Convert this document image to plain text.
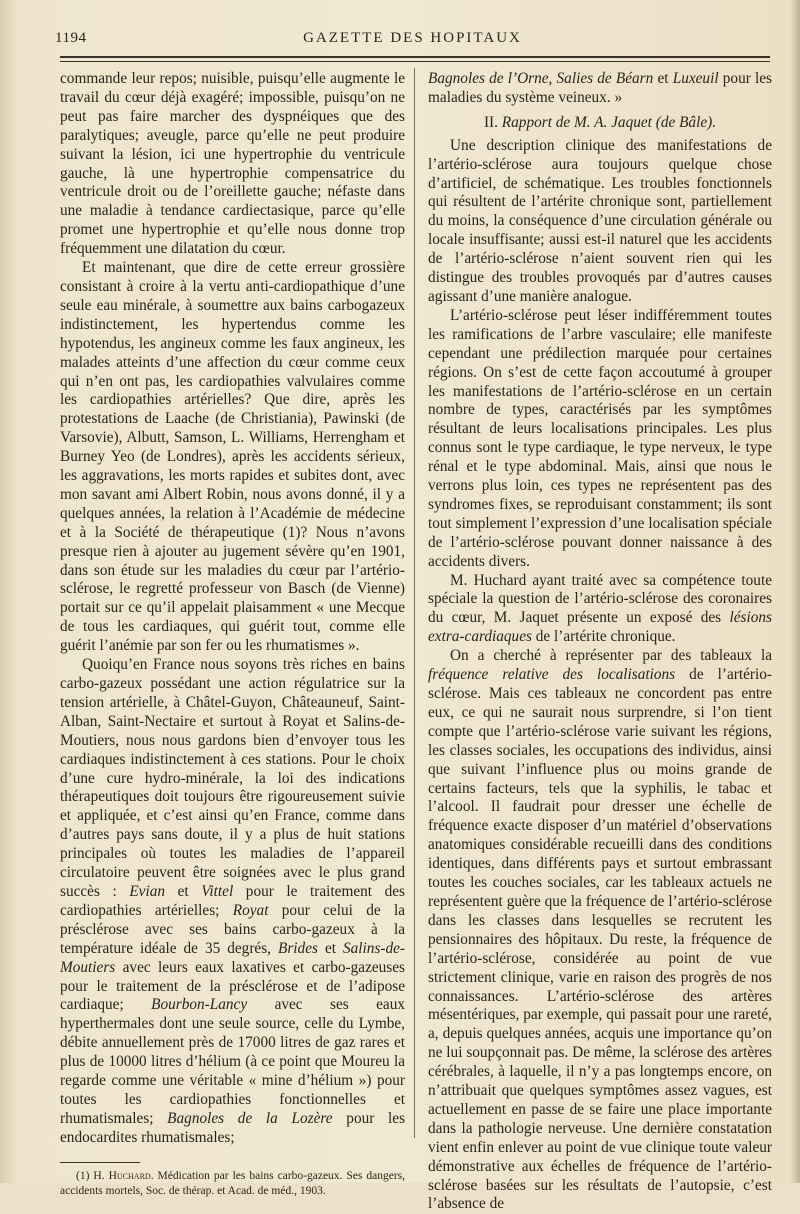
1194	GAZETTE DES HOPITAUX

commande leur repos; nuisible, puisqu’elle augmente le travail du cœur déjà exagéré; impossible, puisqu’on ne peut pas faire marcher des dyspnéiques que des paralytiques; aveugle, parce qu’elle ne peut produire suivant la lésion, ici une hypertrophie du ventricule gauche, là une hypertrophie compensatrice du ventricule droit ou de l’oreillette gauche; néfaste dans une maladie à tendance cardiectasique, parce qu’elle promet une hypertrophie et qu’elle nous donne trop fréquemment une dilatation du cœur.

Et maintenant, que dire de cette erreur grossière consistant à croire à la vertu anti-cardiopathique d’une seule eau minérale, à soumettre aux bains carbogazeux indistinctement, les hypertendus comme les hypotendus, les angineux comme les faux angineux, les malades atteints d’une affection du cœur comme ceux qui n’en ont pas, les cardiopathies valvulaires comme les cardiopathies artérielles? Que dire, après les protestations de Laache (de Christiania), Pawinski (de Varsovie), Albutt, Samson, L. Williams, Herrengham et Burney Yeo (de Londres), après les accidents sérieux, les aggravations, les morts rapides et subites dont, avec mon savant ami Albert Robin, nous avons donné, il y a quelques années, la relation à l’Académie de médecine et à la Société de thérapeutique (1)? Nous n’avons presque rien à ajouter au jugement sévère qu’en 1901, dans son étude sur les maladies du cœur par l’artério-sclérose, le regretté professeur von Basch (de Vienne) portait sur ce qu’il appelait plaisamment « une Mecque de tous les cardiaques, qui guérit tout, comme elle guérit l’anémie par son fer ou les rhumatismes ».

Quoiqu’en France nous soyons très riches en bains carbo-gazeux possédant une action régulatrice sur la tension artérielle, à Châtel-Guyon, Châteauneuf, Saint-Alban, Saint-Nectaire et surtout à Royat et Salins-de-Moutiers, nous nous gardons bien d’envoyer tous les cardiaques indistinctement à ces stations. Pour le choix d’une cure hydro-minérale, la loi des indications thérapeutiques doit toujours être rigoureusement suivie et appliquée, et c’est ainsi qu’en France, comme dans d’autres pays sans doute, il y a plus de huit stations principales où toutes les maladies de l’appareil circulatoire peuvent être soignées avec le plus grand succès : Evian et Vittel pour le traitement des cardiopathies artérielles; Royat pour celui de la présclérose avec ses bains carbo-gazeux à la température idéale de 35 degrés, Brides et Salins-de-Moutiers avec leurs eaux laxatives et carbo-gazeuses pour le traitement de la présclérose et de l’adipose cardiaque; Bourbon-Lancy avec ses eaux hyperthermales dont une seule source, celle du Lymbe, débite annuellement près de 17000 litres de gaz rares et plus de 10000 litres d’hélium (à ce point que Moureu la regarde comme une véritable « mine d’hélium ») pour toutes les cardiopathies fonctionnelles et rhumatismales; Bagnoles de la Lozère pour les endocardites rhumatismales;

(1) H. Huchard. Médication par les bains carbo-gazeux. Ses dangers, accidents mortels, Soc. de thérap. et Acad. de méd., 1903.

Bagnoles de l’Orne, Salies de Béarn et Luxeuil pour les maladies du système veineux. »

II. Rapport de M. A. Jaquet (de Bâle).

Une description clinique des manifestations de l’artério-sclérose aura toujours quelque chose d’artificiel, de schématique. Les troubles fonctionnels qui résultent de l’artérite chronique sont, partiellement du moins, la conséquence d’une circulation générale ou locale insuffisante; aussi est-il naturel que les accidents de l’artério-sclérose n’aient souvent rien qui les distingue des troubles provoqués par d’autres causes agissant d’une manière analogue.

L’artério-sclérose peut léser indifféremment toutes les ramifications de l’arbre vasculaire; elle manifeste cependant une prédilection marquée pour certaines régions. On s’est de cette façon accoutumé à grouper les manifestations de l’artério-sclérose en un certain nombre de types, caractérisés par les symptômes résultant de leurs localisations principales. Les plus connus sont le type cardiaque, le type nerveux, le type rénal et le type abdominal. Mais, ainsi que nous le verrons plus loin, ces types ne représentent pas des syndromes fixes, se reproduisant constamment; ils sont tout simplement l’expression d’une localisation spéciale de l’artério-sclérose pouvant donner naissance à des accidents divers.

M. Huchard ayant traité avec sa compétence toute spéciale la question de l’artério-sclérose des coronaires du cœur, M. Jaquet présente un exposé des lésions extra-cardiaques de l’artérite chronique.

On a cherché à représenter par des tableaux la fréquence relative des localisations de l’artério-sclérose. Mais ces tableaux ne concordent pas entre eux, ce qui ne saurait nous surprendre, si l’on tient compte que l’artério-sclérose varie suivant les régions, les classes sociales, les occupations des individus, ainsi que suivant l’influence plus ou moins grande de certains facteurs, tels que la syphilis, le tabac et l’alcool. Il faudrait pour dresser une échelle de fréquence exacte disposer d’un matériel d’observations anatomiques considérable recueilli dans des conditions identiques, dans différents pays et surtout embrassant toutes les couches sociales, car les tableaux actuels ne représentent guère que la fréquence de l’artério-sclérose dans les classes dans lesquelles se recrutent les pensionnaires des hôpitaux. Du reste, la fréquence de l’artério-sclérose, considérée au point de vue strictement clinique, varie en raison des progrès de nos connaissances. L’artério-sclérose des artères mésentériques, par exemple, qui passait pour une rareté, a, depuis quelques années, acquis une importance qu’on ne lui soupçonnait pas. De même, la sclérose des artères cérébrales, à laquelle, il n’y a pas longtemps encore, on n’attribuait que quelques symptômes assez vagues, est actuellement en passe de se faire une place importante dans la pathologie nerveuse. Une dernière constatation vient enfin enlever au point de vue clinique toute valeur démonstrative aux échelles de fréquence de l’artério-sclérose basées sur les résultats de l’autopsie, c’est l’absence de
